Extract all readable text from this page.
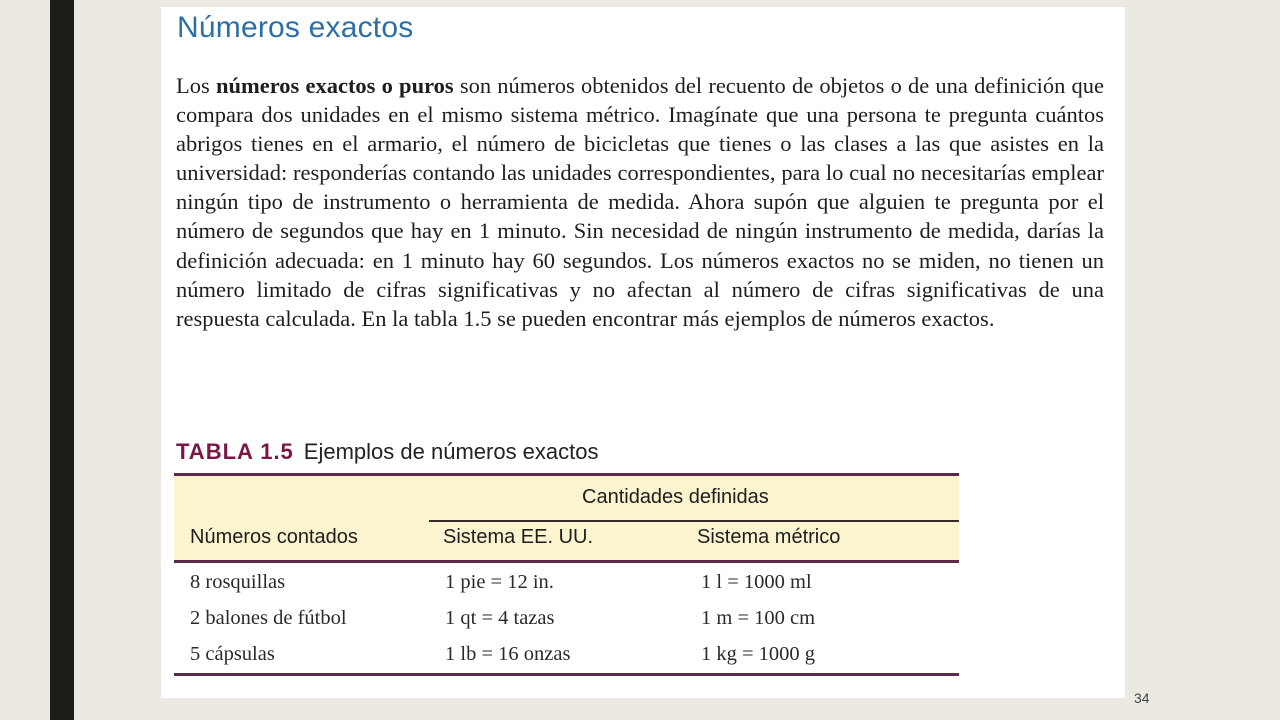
Números exactos

Los números exactos o puros son números obtenidos del recuento de objetos o de una definición que compara dos unidades en el mismo sistema métrico. Imagínate que una persona te pregunta cuántos abrigos tienes en el armario, el número de bicicletas que tienes o las clases a las que asistes en la universidad: responderías contando las unidades correspondientes, para lo cual no necesitarías emplear ningún tipo de instrumento o herramienta de medida. Ahora supón que alguien te pregunta por el número de segundos que hay en 1 minuto. Sin necesidad de ningún instrumento de medida, darías la definición adecuada: en 1 minuto hay 60 segundos. Los números exactos no se miden, no tienen un número limitado de cifras significativas y no afectan al número de cifras significativas de una respuesta calculada. En la tabla 1.5 se pueden encontrar más ejemplos de números exactos.

TABLA 1.5 Ejemplos de números exactos
Cantidades definidas
Números contados	Sistema EE. UU.	Sistema métrico
8 rosquillas	1 pie = 12 in.	1 l = 1000 ml
2 balones de fútbol	1 qt = 4 tazas	1 m = 100 cm
5 cápsulas	1 lb = 16 onzas	1 kg = 1000 g
34
